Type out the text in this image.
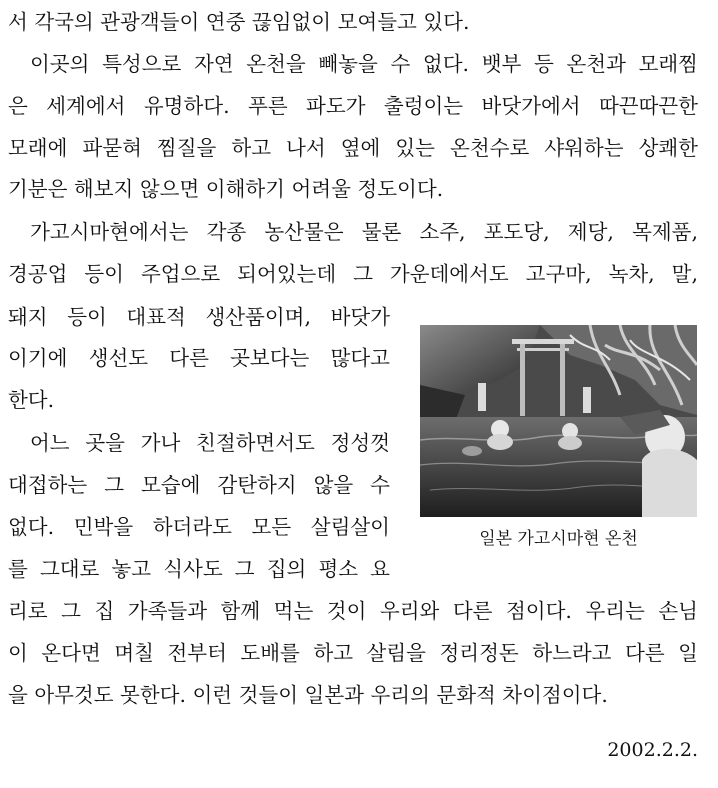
서 각국의 관광객들이 연중 끊임없이 모여들고 있다.
이곳의 특성으로 자연 온천을 빼놓을 수 없다. 뱃부 등 온천과 모래찜
은 세계에서 유명하다. 푸른 파도가 출렁이는 바닷가에서 따끈따끈한
모래에 파묻혀 찜질을 하고 나서 옆에 있는 온천수로 샤워하는 상쾌한
기분은 해보지 않으면 이해하기 어려울 정도이다.
가고시마현에서는 각종 농산물은 물론 소주, 포도당, 제당, 목제품,
경공업 등이 주업으로 되어있는데 그 가운데에서도 고구마, 녹차, 말,
돼지 등이 대표적 생산품이며, 바닷가
이기에 생선도 다른 곳보다는 많다고
한다.
어느 곳을 가나 친절하면서도 정성껏
대접하는 그 모습에 감탄하지 않을 수
없다. 민박을 하더라도 모든 살림살이
를 그대로 놓고 식사도 그 집의 평소 요
일본 가고시마현 온천
리로 그 집 가족들과 함께 먹는 것이 우리와 다른 점이다. 우리는 손님
이 온다면 며칠 전부터 도배를 하고 살림을 정리정돈 하느라고 다른 일
을 아무것도 못한다. 이런 것들이 일본과 우리의 문화적 차이점이다.
2002.2.2.
